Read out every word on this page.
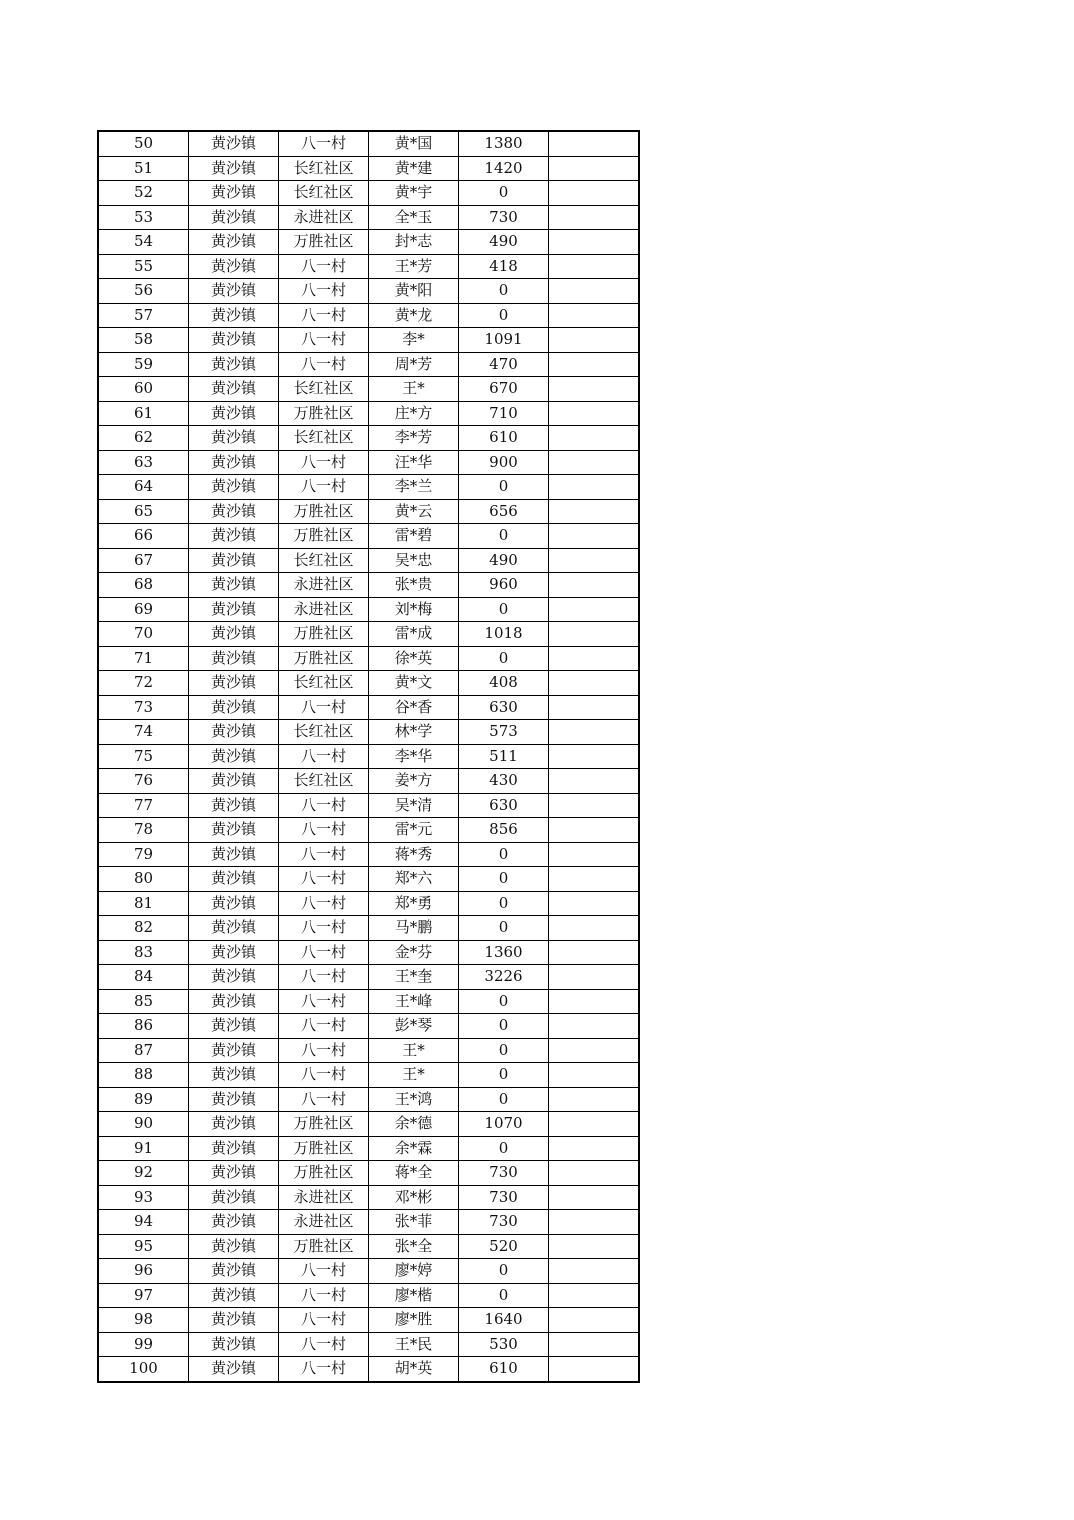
50	黄沙镇	八一村	黄*国	1380	
51	黄沙镇	长红社区	黄*建	1420	
52	黄沙镇	长红社区	黄*宇	0	
53	黄沙镇	永进社区	全*玉	730	
54	黄沙镇	万胜社区	封*志	490	
55	黄沙镇	八一村	王*芳	418	
56	黄沙镇	八一村	黄*阳	0	
57	黄沙镇	八一村	黄*龙	0	
58	黄沙镇	八一村	李*	1091	
59	黄沙镇	八一村	周*芳	470	
60	黄沙镇	长红社区	王*	670	
61	黄沙镇	万胜社区	庄*方	710	
62	黄沙镇	长红社区	李*芳	610	
63	黄沙镇	八一村	汪*华	900	
64	黄沙镇	八一村	李*兰	0	
65	黄沙镇	万胜社区	黄*云	656	
66	黄沙镇	万胜社区	雷*碧	0	
67	黄沙镇	长红社区	吴*忠	490	
68	黄沙镇	永进社区	张*贵	960	
69	黄沙镇	永进社区	刘*梅	0	
70	黄沙镇	万胜社区	雷*成	1018	
71	黄沙镇	万胜社区	徐*英	0	
72	黄沙镇	长红社区	黄*文	408	
73	黄沙镇	八一村	谷*香	630	
74	黄沙镇	长红社区	林*学	573	
75	黄沙镇	八一村	李*华	511	
76	黄沙镇	长红社区	姜*方	430	
77	黄沙镇	八一村	吴*清	630	
78	黄沙镇	八一村	雷*元	856	
79	黄沙镇	八一村	蒋*秀	0	
80	黄沙镇	八一村	郑*六	0	
81	黄沙镇	八一村	郑*勇	0	
82	黄沙镇	八一村	马*鹏	0	
83	黄沙镇	八一村	金*芬	1360	
84	黄沙镇	八一村	王*奎	3226	
85	黄沙镇	八一村	王*峰	0	
86	黄沙镇	八一村	彭*琴	0	
87	黄沙镇	八一村	王*	0	
88	黄沙镇	八一村	王*	0	
89	黄沙镇	八一村	王*鸿	0	
90	黄沙镇	万胜社区	余*德	1070	
91	黄沙镇	万胜社区	余*霖	0	
92	黄沙镇	万胜社区	蒋*全	730	
93	黄沙镇	永进社区	邓*彬	730	
94	黄沙镇	永进社区	张*菲	730	
95	黄沙镇	万胜社区	张*全	520	
96	黄沙镇	八一村	廖*婷	0	
97	黄沙镇	八一村	廖*楷	0	
98	黄沙镇	八一村	廖*胜	1640	
99	黄沙镇	八一村	王*民	530	
100	黄沙镇	八一村	胡*英	610	
